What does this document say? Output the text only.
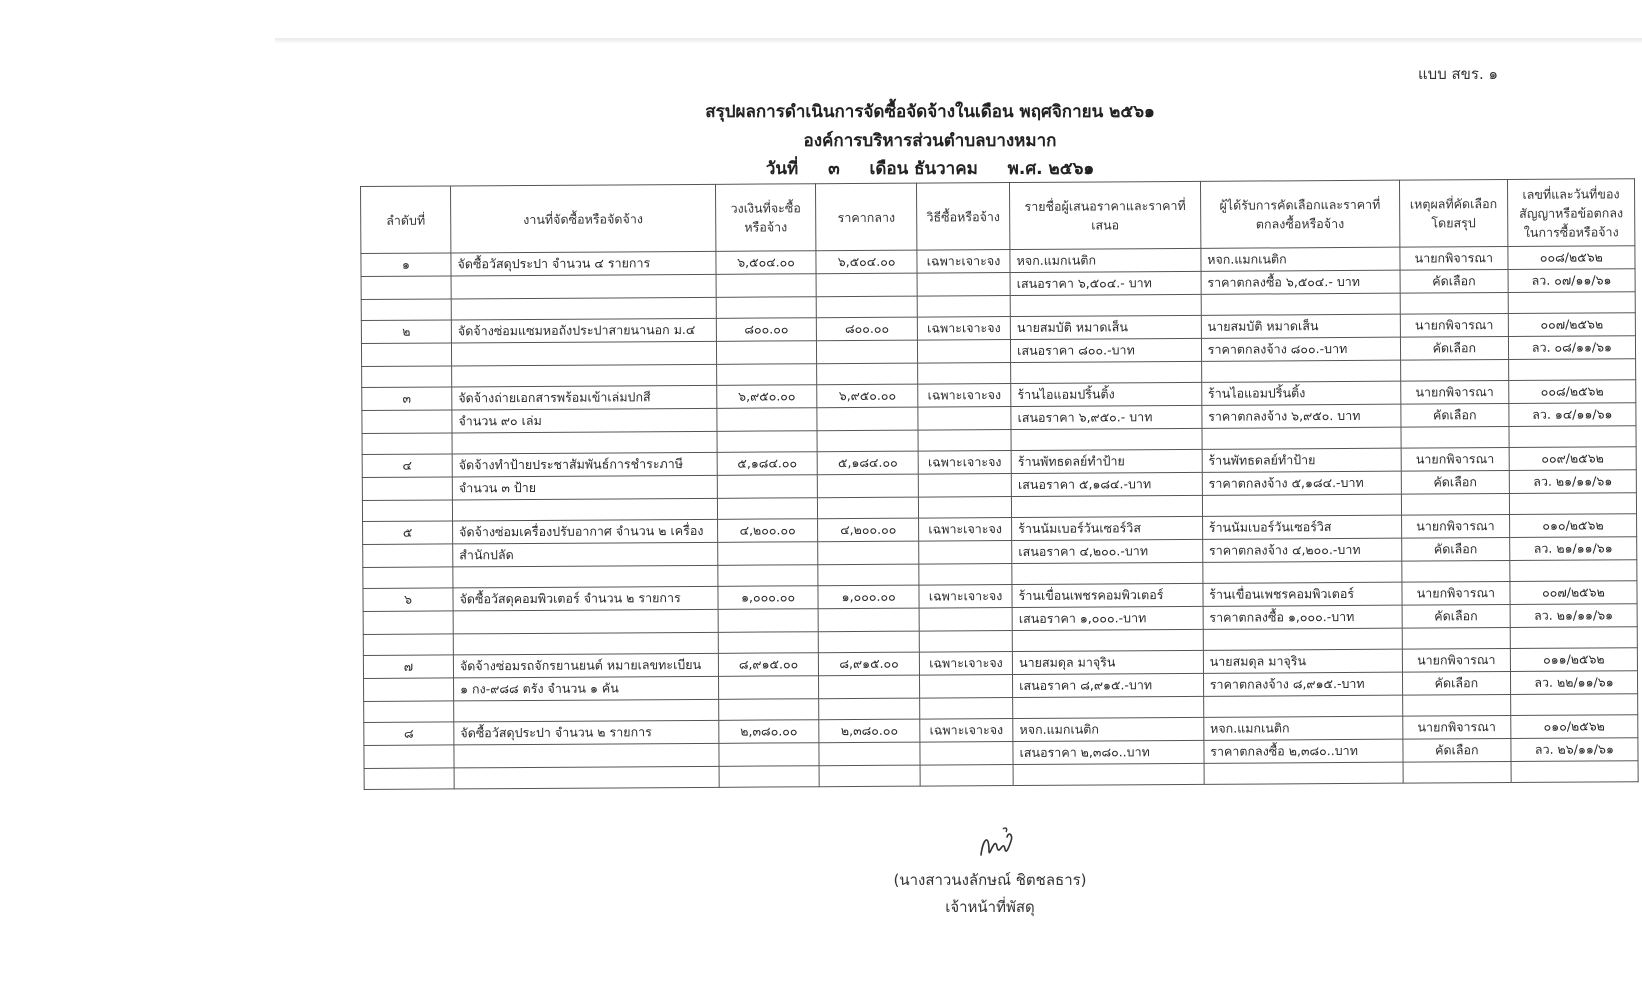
แบบ สขร. ๑
สรุปผลการดำเนินการจัดซื้อจัดจ้างในเดือน พฤศจิกายน ๒๕๖๑
องค์การบริหารส่วนตำบลบางหมาก
วันที่ ๓ เดือน ธันวาคม พ.ศ. ๒๕๖๑
ลำดับที่	งานที่จัดซื้อหรือจัดจ้าง	วงเงินที่จะซื้อหรือจ้าง	ราคากลาง	วิธีซื้อหรือจ้าง	รายชื่อผู้เสนอราคาและราคาที่เสนอ	ผู้ได้รับการคัดเลือกและราคาที่ตกลงซื้อหรือจ้าง	เหตุผลที่คัดเลือกโดยสรุป	เลขที่และวันที่ของสัญญาหรือข้อตกลงในการซื้อหรือจ้าง
๑	จัดซื้อวัสดุประปา จำนวน ๔ รายการ	๖,๕๐๔.๐๐	๖,๕๐๔.๐๐	เฉพาะเจาะจง	หจก.แมกเนติก	หจก.แมกเนติก	นายกพิจารณา	๐๐๘/๒๕๖๒
					เสนอราคา ๖,๕๐๔.- บาท	ราคาตกลงซื้อ ๖,๕๐๔.- บาท	คัดเลือก	ลว. ๐๗/๑๑/๖๑

๒	จัดจ้างซ่อมแซมหอถังประปาสายนานอก ม.๔	๘๐๐.๐๐	๘๐๐.๐๐	เฉพาะเจาะจง	นายสมบัติ หมาดเส็น	นายสมบัติ หมาดเส็น	นายกพิจารณา	๐๐๗/๒๕๖๒
					เสนอราคา ๘๐๐.-บาท	ราคาตกลงจ้าง ๘๐๐.-บาท	คัดเลือก	ลว. ๐๘/๑๑/๖๑

๓	จัดจ้างถ่ายเอกสารพร้อมเข้าเล่มปกสี	๖,๙๕๐.๐๐	๖,๙๕๐.๐๐	เฉพาะเจาะจง	ร้านไอแอมปริ้นติ้ง	ร้านไอแอมปริ้นติ้ง	นายกพิจารณา	๐๐๘/๒๕๖๒
	จำนวน ๙๐ เล่ม				เสนอราคา ๖,๙๕๐.- บาท	ราคาตกลงจ้าง ๖,๙๕๐. บาท	คัดเลือก	ลว. ๑๔/๑๑/๖๑

๔	จัดจ้างทำป้ายประชาสัมพันธ์การชำระภาษี	๕,๑๘๔.๐๐	๕,๑๘๔.๐๐	เฉพาะเจาะจง	ร้านพัทธดลย์ทำป้าย	ร้านพัทธดลย์ทำป้าย	นายกพิจารณา	๐๐๙/๒๕๖๒
	จำนวน ๓ ป้าย				เสนอราคา ๕,๑๘๔.-บาท	ราคาตกลงจ้าง ๕,๑๘๔.-บาท	คัดเลือก	ลว. ๒๑/๑๑/๖๑

๕	จัดจ้างซ่อมเครื่องปรับอากาศ จำนวน ๒ เครื่อง	๔,๒๐๐.๐๐	๔,๒๐๐.๐๐	เฉพาะเจาะจง	ร้านนัมเบอร์วันเซอร์วิส	ร้านนัมเบอร์วันเซอร์วิส	นายกพิจารณา	๐๑๐/๒๕๖๒
	สำนักปลัด				เสนอราคา ๔,๒๐๐.-บาท	ราคาตกลงจ้าง ๔,๒๐๐.-บาท	คัดเลือก	ลว. ๒๑/๑๑/๖๑

๖	จัดซื้อวัสดุคอมพิวเตอร์ จำนวน ๒ รายการ	๑,๐๐๐.๐๐	๑,๐๐๐.๐๐	เฉพาะเจาะจง	ร้านเขื่อนเพชรคอมพิวเตอร์	ร้านเขื่อนเพชรคอมพิวเตอร์	นายกพิจารณา	๐๐๗/๒๕๖๒
					เสนอราคา ๑,๐๐๐.-บาท	ราคาตกลงซื้อ ๑,๐๐๐.-บาท	คัดเลือก	ลว. ๒๑/๑๑/๖๑

๗	จัดจ้างซ่อมรถจักรยานยนต์ หมายเลขทะเบียน	๘,๙๑๕.๐๐	๘,๙๑๕.๐๐	เฉพาะเจาะจง	นายสมดุล มาจุริน	นายสมดุล มาจุริน	นายกพิจารณา	๐๑๑/๒๕๖๒
	๑ กง-๙๘๘ ตรัง จำนวน ๑ คัน				เสนอราคา ๘,๙๑๕.-บาท	ราคาตกลงจ้าง ๘,๙๑๕.-บาท	คัดเลือก	ลว. ๒๒/๑๑/๖๑

๘	จัดซื้อวัสดุประปา จำนวน ๒ รายการ	๒,๓๘๐.๐๐	๒,๓๘๐.๐๐	เฉพาะเจาะจง	หจก.แมกเนติก	หจก.แมกเนติก	นายกพิจารณา	๐๑๐/๒๕๖๒
					เสนอราคา ๒,๓๘๐..บาท	ราคาตกลงซื้อ ๒,๓๘๐..บาท	คัดเลือก	ลว. ๒๖/๑๑/๖๑

(นางสาวนงลักษณ์ ชิตชลธาร)
เจ้าหน้าที่พัสดุ
